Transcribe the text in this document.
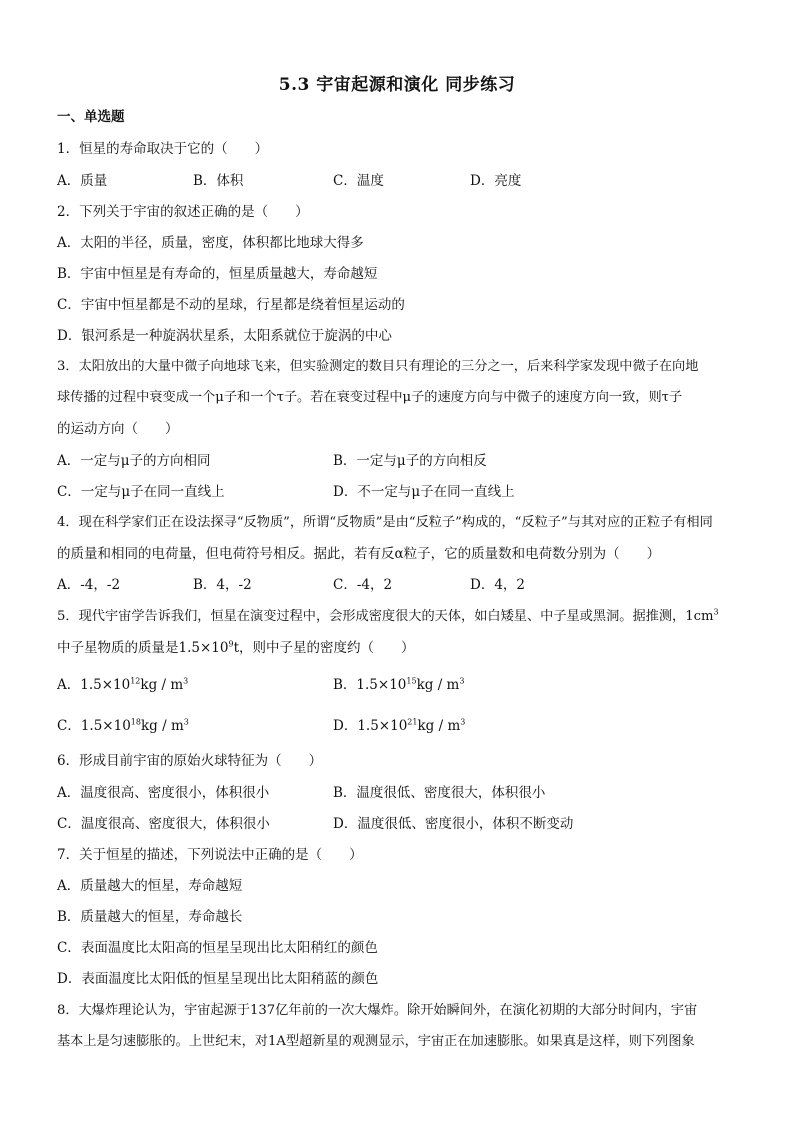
5.3 宇宙起源和演化 同步练习
一、单选题
1．恒星的寿命取决于它的（　　）
A．质量	B．体积	C．温度	D．亮度
2．下列关于宇宙的叙述正确的是（　　）
A．太阳的半径，质量，密度，体积都比地球大得多
B．宇宙中恒星是有寿命的，恒星质量越大，寿命越短
C．宇宙中恒星都是不动的星球，行星都是绕着恒星运动的
D．银河系是一种旋涡状星系，太阳系就位于旋涡的中心
3．太阳放出的大量中微子向地球飞来，但实验测定的数目只有理论的三分之一，后来科学家发现中微子在向地
球传播的过程中衰变成一个μ子和一个τ子。若在衰变过程中μ子的速度方向与中微子的速度方向一致，则τ子
的运动方向（　　）
A．一定与μ子的方向相同	B．一定与μ子的方向相反
C．一定与μ子在同一直线上	D．不一定与μ子在同一直线上
4．现在科学家们正在设法探寻“反物质”，所谓“反物质”是由“反粒子”构成的，“反粒子”与其对应的正粒子有相同
的质量和相同的电荷量，但电荷符号相反。据此，若有反α粒子，它的质量数和电荷数分别为（　　）
A．-4，-2	B．4，-2	C．-4，2	D．4，2
5．现代宇宙学告诉我们，恒星在演变过程中，会形成密度很大的天体，如白矮星、中子星或黑洞。据推测，$1cm^3$
中子星物质的质量是$1.5\times 10^9t$，则中子星的密度约（　　）
A．$1.5\times 10^{12}kg / m^3$	B．$1.5\times 10^{15}kg / m^3$
C．$1.5\times 10^{18}kg / m^3$	D．$1.5\times 10^{21}kg / m^3$
6．形成目前宇宙的原始火球特征为（　　）
A．温度很高、密度很小，体积很小	B．温度很低、密度很大，体积很小
C．温度很高、密度很大，体积很小	D．温度很低、密度很小，体积不断变动
7．关于恒星的描述，下列说法中正确的是（　　）
A．质量越大的恒星，寿命越短
B．质量越大的恒星，寿命越长
C．表面温度比太阳高的恒星呈现出比太阳稍红的颜色
D．表面温度比太阳低的恒星呈现出比太阳稍蓝的颜色
8．大爆炸理论认为，宇宙起源于137亿年前的一次大爆炸。除开始瞬间外，在演化初期的大部分时间内，宇宙
基本上是匀速膨胀的。上世纪末，对1A型超新星的观测显示，宇宙正在加速膨胀。如果真是这样，则下列图象
